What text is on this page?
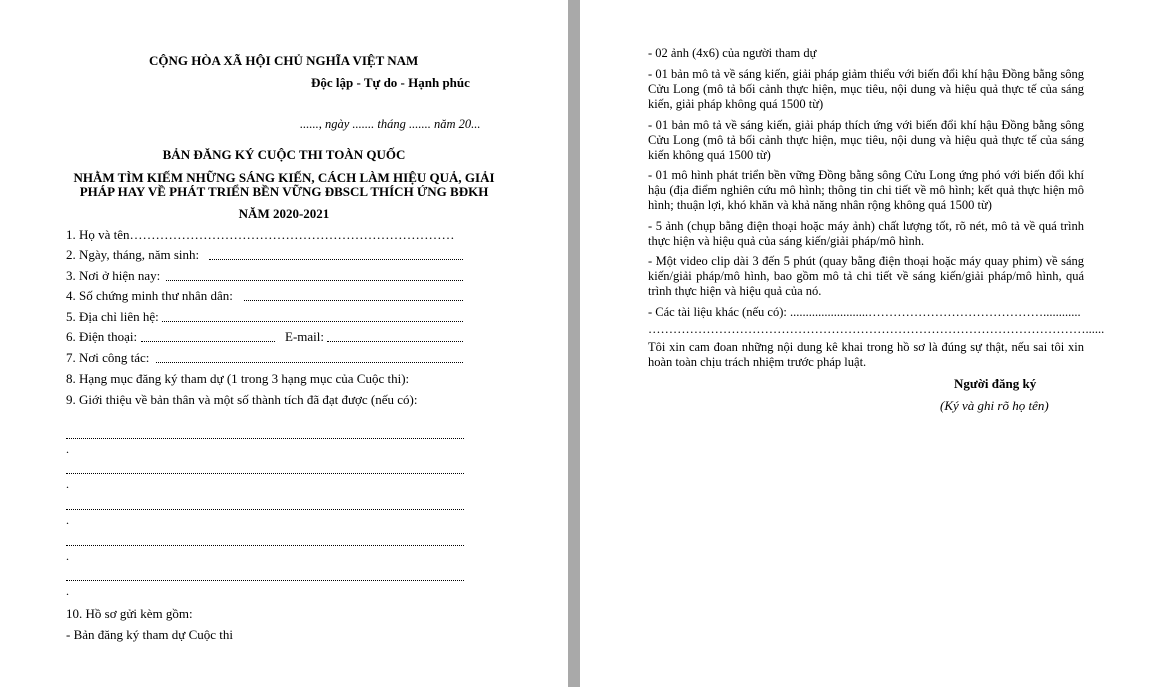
CỘNG HÒA XÃ HỘI CHỦ NGHĨA VIỆT NAM
Độc lập - Tự do - Hạnh phúc
......, ngày ....... tháng ....... năm 20...
BẢN ĐĂNG KÝ CUỘC THI TOÀN QUỐC
NHẰM TÌM KIẾM NHỮNG SÁNG KIẾN, CÁCH LÀM HIỆU QUẢ, GIẢI
PHÁP HAY VỀ PHÁT TRIỂN BỀN VỮNG ĐBSCL THÍCH ỨNG BĐKH
NĂM 2020-2021
1. Họ và tên…………………………………………………………………
2. Ngày, tháng, năm sinh:
3. Nơi ở hiện nay:
4. Số chứng minh thư nhân dân:
5. Địa chỉ liên hệ:
6. Điện thoại:	E-mail:
7. Nơi công tác:
8. Hạng mục đăng ký tham dự (1 trong 3 hạng mục của Cuộc thi):
9. Giới thiệu về bản thân và một số thành tích đã đạt được (nếu có):
.
.
.
.
.
10. Hồ sơ gửi kèm gồm:
- Bản đăng ký tham dự Cuộc thi
- 02 ảnh (4x6) của người tham dự
- 01 bản mô tả về sáng kiến, giải pháp giảm thiểu với biến đổi khí hậu Đồng bằng sông Cửu Long (mô tả bối cảnh thực hiện, mục tiêu, nội dung và hiệu quả thực tế của sáng kiến, giải pháp không quá 1500 từ)
- 01 bản mô tả về sáng kiến, giải pháp thích ứng với biến đổi khí hậu Đồng bằng sông Cửu Long (mô tả bối cảnh thực hiện, mục tiêu, nội dung và hiệu quả thực tế của sáng kiến không quá 1500 từ)
- 01 mô hình phát triển bền vững Đồng bằng sông Cửu Long ứng phó với biến đổi khí hậu (địa điểm nghiên cứu mô hình; thông tin chi tiết về mô hình; kết quả thực hiện mô hình; thuận lợi, khó khăn và khả năng nhân rộng không quá 1500 từ)
- 5 ảnh (chụp bằng điện thoại hoặc máy ảnh) chất lượng tốt, rõ nét, mô tả về quá trình thực hiện và hiệu quả của sáng kiến/giải pháp/mô hình.
- Một video clip dài 3 đến 5 phút (quay bằng điện thoại hoặc máy quay phim) về sáng kiến/giải pháp/mô hình, bao gồm mô tả chi tiết về sáng kiến/giải pháp/mô hình, quá trình thực hiện và hiệu quả của nó.
- Các tài liệu khác (nếu có): .........................……………………………………............
……………………………………………………………………………………………......
Tôi xin cam đoan những nội dung kê khai trong hồ sơ là đúng sự thật, nếu sai tôi xin hoàn toàn chịu trách nhiệm trước pháp luật.
Người đăng ký
(Ký và ghi rõ họ tên)
